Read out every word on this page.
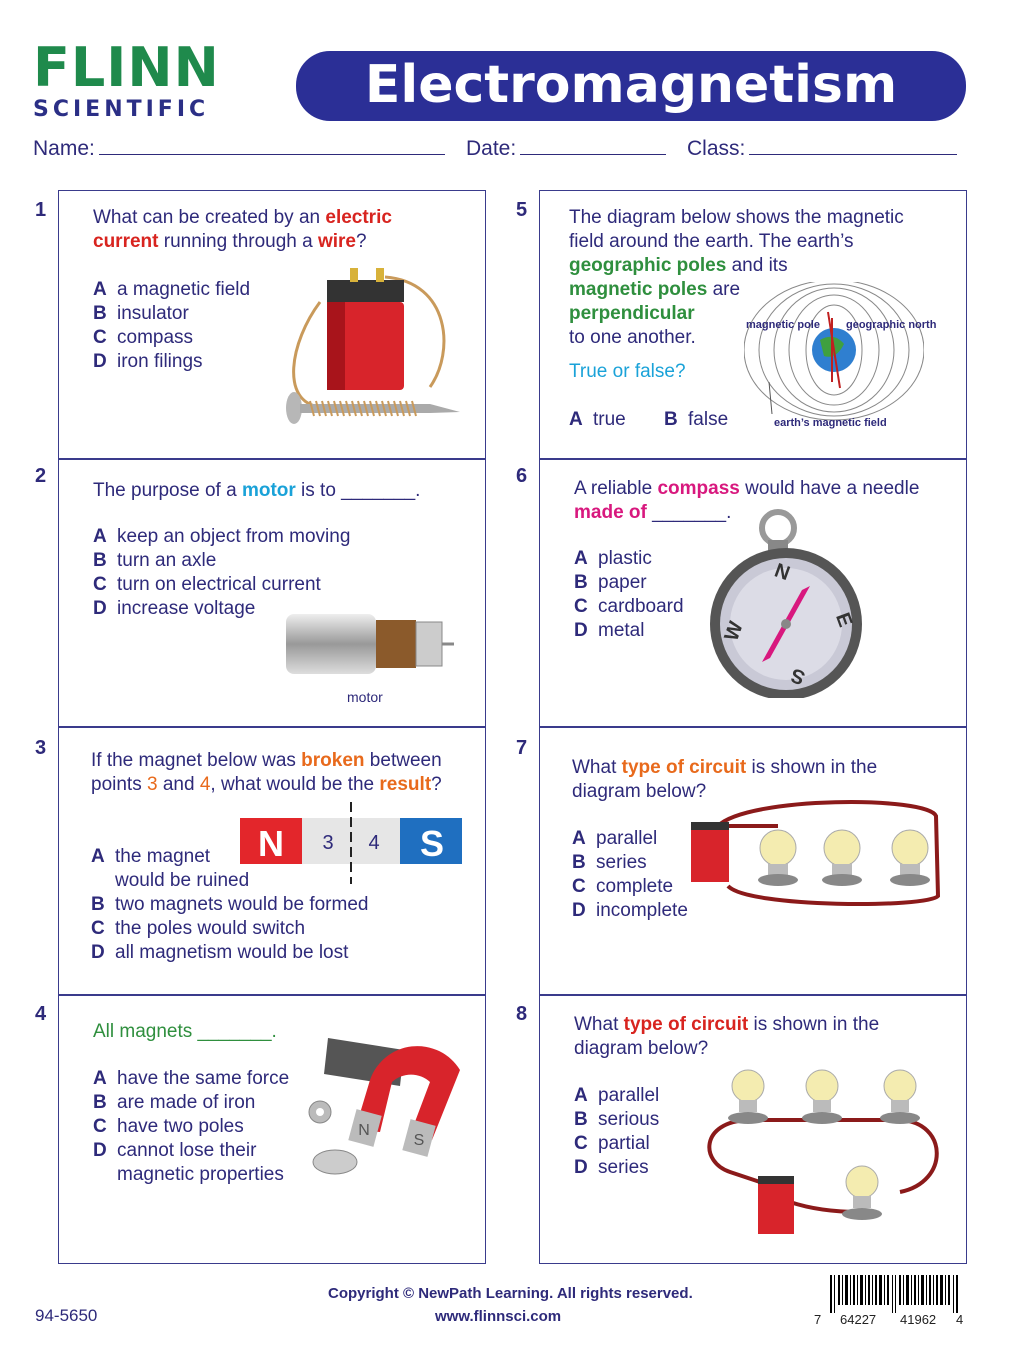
FLINN
SCIENTIFIC	Electromagnetism
Name:	Date:	Class:
1
2
3
4
5
6
7
8
What can be created by an electric
current running through a wire?
A a magnetic field
B insulator
C compass
D iron filings
The purpose of a motor is to _______.
A keep an object from moving
B turn an axle
C turn on electrical current
D increase voltage
motor
If the magnet below was broken between
points 3 and 4, what would be the result?
N 3 4 S
A the magnet
would be ruined
B two magnets would be formed
C the poles would switch
D all magnetism would be lost
All magnets _______.
A have the same force
B are made of iron
C have two poles
D cannot lose their
magnetic properties
N
S
The diagram below shows the magnetic
field around the earth. The earth’s
geographic poles and its
magnetic poles are
perpendicular
to one another.
True or false?
A true B false
magnetic pole geographic north
earth’s magnetic field
A reliable compass would have a needle
made of _______.
A plastic
B paper
C cardboard
D metal
N
E
S
W
What type of circuit is shown in the
diagram below?
A parallel
B series
C complete
D incomplete
What type of circuit is shown in the
diagram below?
A parallel
B serious
C partial
D series
94-5650
Copyright © NewPath Learning. All rights reserved.
www.flinnsci.com	7 64227 41962 4
